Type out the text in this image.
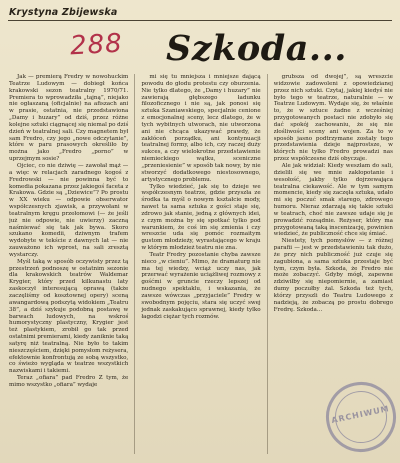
Krystyna Zbijewska
288 Szkoda...

Jak — premierą Fredry w nowohuckim Teatrze Ludowym — dobiegł końca krakowski sezon teatralny 1970/71. Premiera to wprowadziła „tajną”, niejako nie ogłaszaną (oficjalnie) na afiszach ani w prasie, ostatnia, nie przedstawiona „Damy i huzary” od dziś, przez różne kolejne sztuki ciągnącej się niemal po dziś dzień w teatralnej sali. Czy magnetem był sam Fredro, czy jego „nowe odczytanie”, które w paru prasowych określiło by można jako „Fredro „porno” w uprzejmym sosie?

Ojciec, co nie dziwię — zawołał mąż — a więc w relacjach zaradnego kogoś z Fredrowski — nie powinna być to komedia pokazana przez jakiegoś faceta z Krakowa. Gdzie są „Dziewice”? Po prostu w XX wieku — odpowie obserwator współczesnych zjawisk, a przywołani w teatralnym kręgu przełomowi (— że jeśli już nie odpowie, nie uwierzy) zaczną naśmiewać się tak jak bywa. Skoro szukano komedii, dziwnym trafem wydobyte w tekście z dawnych lat — nie zauważono ich wprost, na sali zresztą wystarczy.

Myśl taką w sposób oczywisty przez tą przestrzeń podnoszę w ostatnim sezonie dla krakowskich teatrów Waldemar Krygier, który przed kilkunastu laty zaskoczył interesującą oprawą (także zaczęliśmy od kosztownej opery) sceną awangardową podszytą widokiem „Teatru 38”, a dziś szykuje podobną postawę w barwach ludowych, na wskroś humorystyczny plastyczny, Krygier jest też plastykiem, zrobił go tak przed ostatnimi premierami, kiedy zaniknie taką satyrę niż teatralną. Nie było to takim nieszczęściem, dzięki pomysłom reżysera, efektownie konfrontują ze sobą wszystko, co świeżo wygląda w teatrze wszystkich nazwiskami i takiemi.

Teraz „ofiara” pad Fredro Z tym, że mimo wszystko „ofiara” wydaje

mi się tu mniejsza i mniejsze dającą powodu do głodu protestu czy oburzenia. Nie tylko dlatego, że „Damy i huzary” nie zawierają głębszego ładunku filozoficznego i nie są, jak ponosi się sztuka Szaniawskiego, specjalnie cenione z emocjonalnej sceny, lecz dlatego, że w tych wybitnych utworach, nie utworzona ani nie chcąca ukazywać prawdy, że zakłóceń porządku, ani kontynuacji teatralnej formy, albo ich, czy raczej duży sukces, a czy wielokrotne przedstawienie niemieckiego wątku, sceniczne „przeniesienie” w sposób tak nowy, by nie stworzyć dodatkowego niestosownego, artystycznego problemu.

Tylko wiedzieć, jak się to dzieje we współczesnym teatrze, gdzie przyszła ze środka ta myśl o nowym kształcie mody, nawet ta sama sztuka z gości staje się, zdrowo jak stanie, jedną z głównych idei, z czym można by się spotkać tylko pod warunkiem, że coś im się zmienia i czy wreszcie uda się pomóc rozmaitym gustom młodzieży, wyrastającego w kraju w którym młodzież teatru nie zna.

Teatr Fredry pozostanie chyba zawsze nieco „w cieniu”. Mimo, że dramaturg nie ma tej wiedzy, wciąż uczy nas, jak przerwać wyrażenie uciążliwej rozmowy z gośćmi w gruncie rzeczy lepszej od nudnego spektaklu, i wskazania, że zawsze wówczas „przyjaciele” Fredry w swobodnym pojęciu, stara się uczyć swej jednak zaskakująco sprawnej, kiedy tylko łagodzi ciężar tych rozmów.

grubsza od dwojej”, są wreszcie widzowie zadowoleni z opowiedzianej przez nich sztuki. Czytaj, jakiej kiedyś nie było tego w teatrze, naturalnie — w Teatrze Ludowym. Wydaje się, że właśnie to, że w sztuce żadne z wcześniej przygotowanych postaci nie zdobyło się dać spokój zachowaniu, że się nie złośliwości sceny ani wojen. Za to w sposób jasno podtrzymane zostały tego przedstawienia dzieje najprostsze, w których nie tylko Fredro prowadzi nas przez współczesne dziś obyczaje.

Ale jak widział: Kiedy weszłam do sali, dzielili się we mnie zakłopotanie i wesołość, jakby tylko dojrzewająca teatralna ciekawość. Ale w tym samym momencie, kiedy się zaczęła sztuka, udało mi się poczuć smak starego, zdrowego humoru. Nieraz zdarzają się takie sztuki w teatrach, choć nie zawsze udaje się je prowadzić rozsądnie. Reżyser, który ma przygotowaną taką inscenizację, powinien wiedzieć, że publiczność chce się śmiać.

Niestety, tych pomysłów — z różnej parafii — jest w przedstawieniu tak dużo, że przy nich publiczność już czuje się zagubiona, a sama sztuka przestaje być tym, czym była. Szkoda, że Fredro nie może zobaczyć. Gdyby mógł, zapewne zdziwiłby się niepomiernie, a zamiast dumy poczułby żal. Szkoda też tych, którzy przyszli do Teatru Ludowego z nadzieją, że zobaczą po prostu dobrego Fredrę. Szkoda...

ARCHIWUM
